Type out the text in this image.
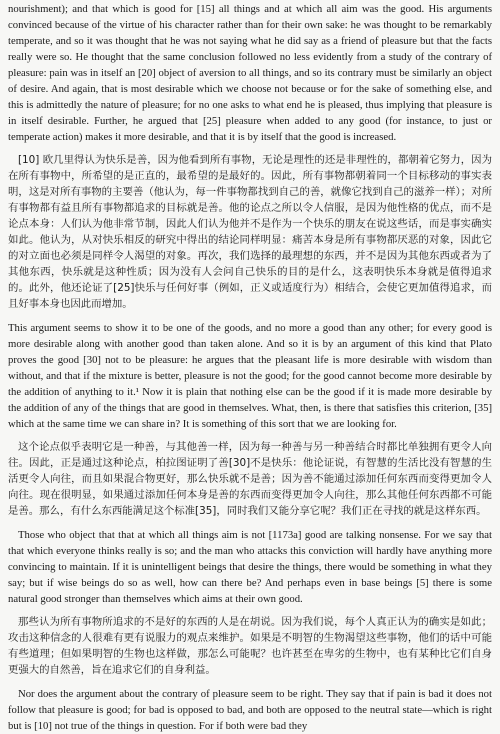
nourishment); and that which is good for [15] all things and at which all aim was the good. His arguments convinced because of the virtue of his character rather than for their own sake: he was thought to be remarkably temperate, and so it was thought that he was not saying what he did say as a friend of pleasure but that the facts really were so. He thought that the same conclusion followed no less evidently from a study of the contrary of pleasure: pain was in itself an [20] object of aversion to all things, and so its contrary must be similarly an object of desire. And again, that is most desirable which we choose not because or for the sake of something else, and this is admittedly the nature of pleasure; for no one asks to what end he is pleased, thus implying that pleasure is in itself desirable. Further, he argued that [25] pleasure when added to any good (for instance, to just or temperate action) makes it more desirable, and that it is by itself that the good is increased.

[10] 欧几里得认为快乐是善，因为他看到所有事物，无论是理性的还是非理性的，都朝着它努力，因为在所有事物中，所希望的是正直的，最希望的是最好的。因此，所有事物都朝着同一个目标移动的事实表明，这是对所有事物的主要善（他认为，每一件事物都找到自己的善，就像它找到自己的滋养一样）；对所有事物都有益且所有事物都追求的目标就是善。他的论点之所以令人信服，是因为他性格的优点，而不是论点本身：人们认为他非常节制，因此人们认为他并不是作为一个快乐的朋友在说这些话，而是事实确实如此。他认为，从对快乐相反的研究中得出的结论同样明显：痛苦本身是所有事物都厌恶的对象，因此它的对立面也必须是同样令人渴望的对象。再次，我们选择的最理想的东西，并不是因为其他东西或者为了其他东西，快乐就是这种性质；因为没有人会问自己快乐的目的是什么，这表明快乐本身就是值得追求的。此外，他还论证了[25]快乐与任何好事（例如，正义或适度行为）相结合，会使它更加值得追求，而且好事本身也因此而增加。

This argument seems to show it to be one of the goods, and no more a good than any other; for every good is more desirable along with another good than taken alone. And so it is by an argument of this kind that Plato proves the good [30] not to be pleasure: he argues that the pleasant life is more desirable with wisdom than without, and that if the mixture is better, pleasure is not the good; for the good cannot become more desirable by the addition of anything to it.¹ Now it is plain that nothing else can be the good if it is made more desirable by the addition of any of the things that are good in themselves. What, then, is there that satisfies this criterion, [35] which at the same time we can share in? It is something of this sort that we are looking for.

这个论点似乎表明它是一种善，与其他善一样，因为每一种善与另一种善结合时都比单独拥有更令人向往。因此，正是通过这种论点，柏拉图证明了善[30]不是快乐：他论证说，有智慧的生活比没有智慧的生活更令人向往，而且如果混合物更好，那么快乐就不是善；因为善不能通过添加任何东西而变得更加令人向往。现在很明显，如果通过添加任何本身是善的东西而变得更加令人向往，那么其他任何东西都不可能是善。那么，有什么东西能满足这个标准[35]，同时我们又能分享它呢？我们正在寻找的就是这样东西。

Those who object that that at which all things aim is not [1173a] good are talking nonsense. For we say that that which everyone thinks really is so; and the man who attacks this conviction will hardly have anything more convincing to maintain. If it is unintelligent beings that desire the things, there would be something in what they say; but if wise beings do so as well, how can there be? And perhaps even in base beings [5] there is some natural good stronger than themselves which aims at their own good.

那些认为所有事物所追求的不是好的东西的人是在胡说。因为我们说，每个人真正认为的确实是如此；攻击这种信念的人很难有更有说服力的观点来维护。如果是不明智的生物渴望这些事物，他们的话中可能有些道理；但如果明智的生物也这样做，那怎么可能呢？也许甚至在卑劣的生物中，也有某种比它们自身更强大的自然善，旨在追求它们的自身利益。

Nor does the argument about the contrary of pleasure seem to be right. They say that if pain is bad it does not follow that pleasure is good; for bad is opposed to bad, and both are opposed to the neutral state—which is right but is [10] not true of the things in question. For if both were bad they
